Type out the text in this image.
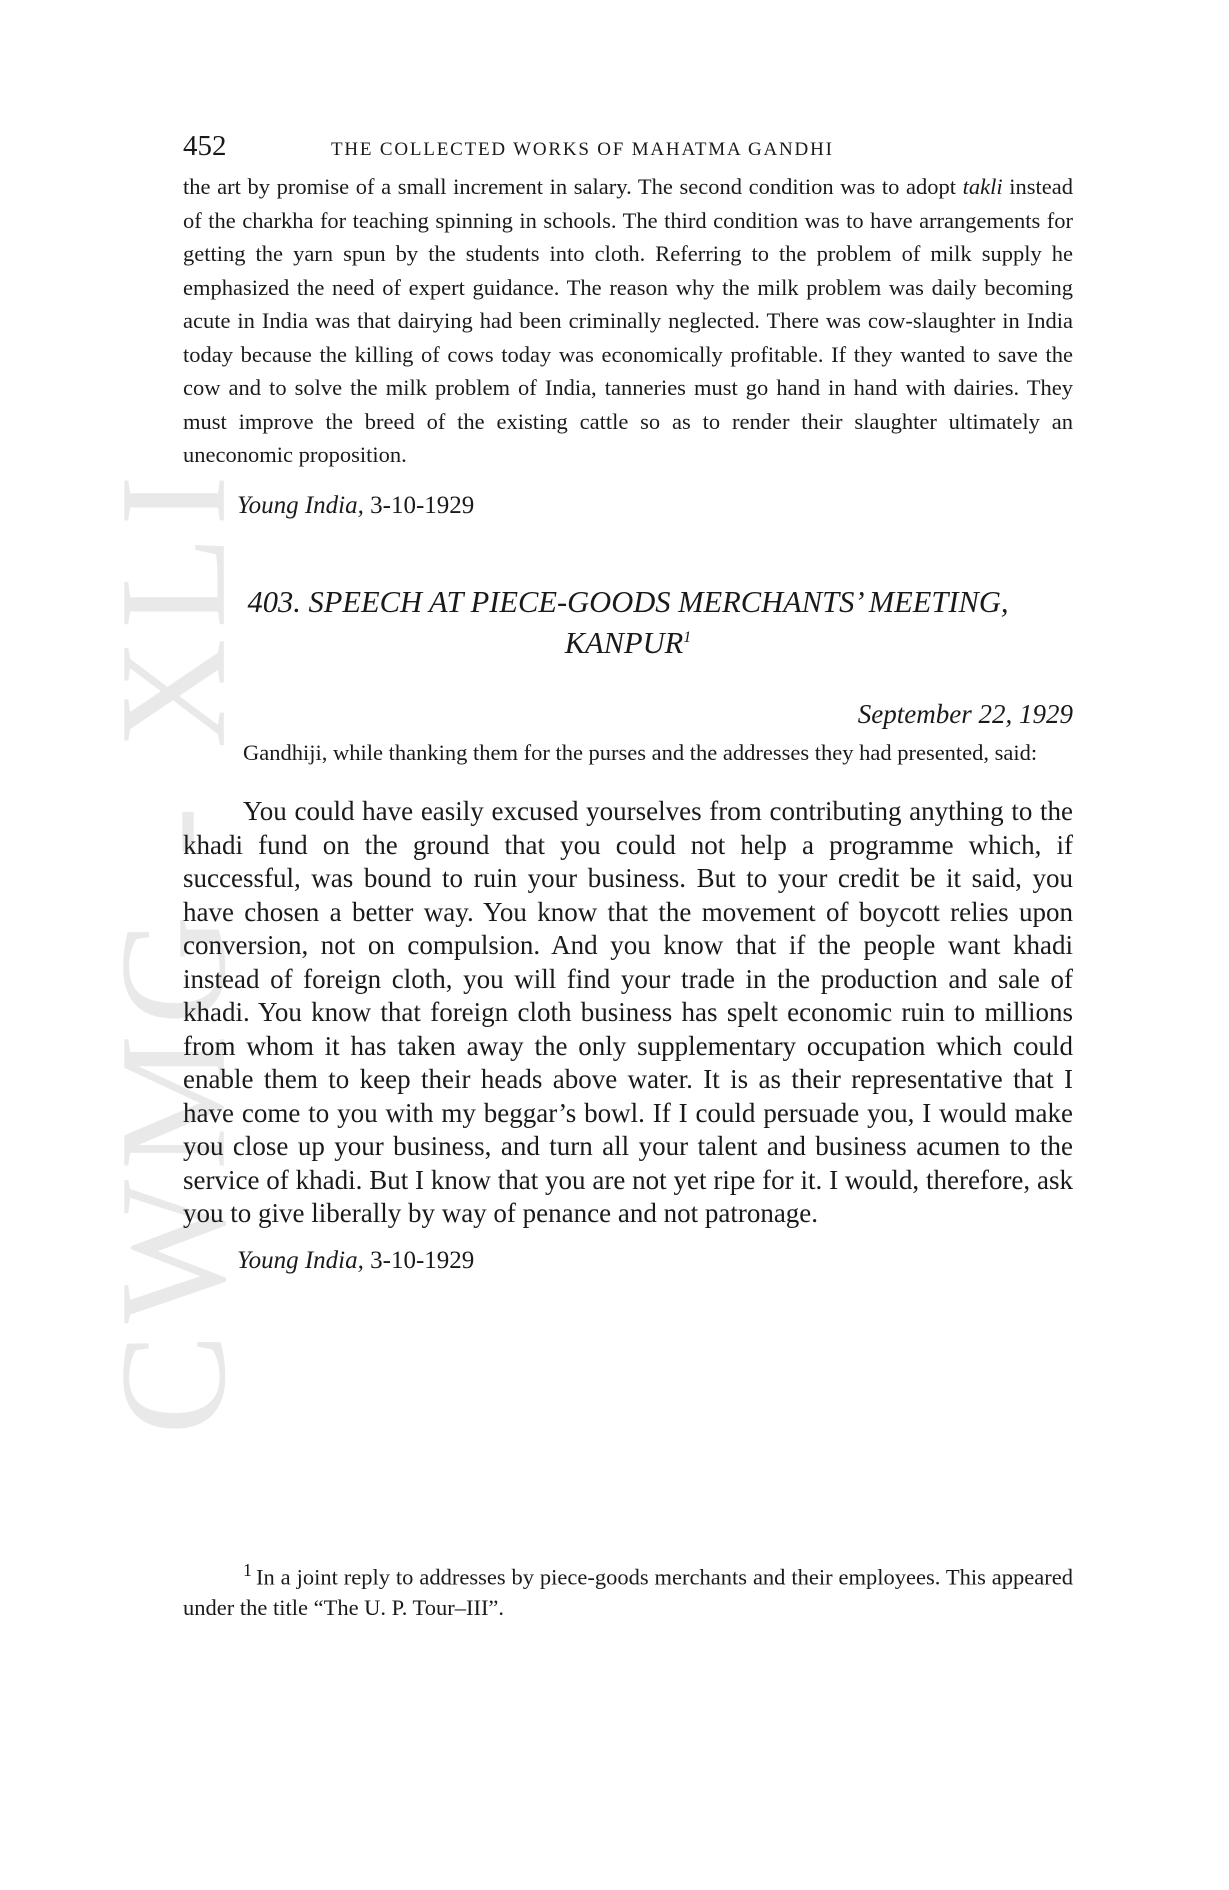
CWMG - XLI
452	THE COLLECTED WORKS OF MAHATMA GANDHI

the art by promise of a small increment in salary. The second condition was to adopt takli instead of the charkha for teaching spinning in schools. The third condition was to have arrangements for getting the yarn spun by the students into cloth. Referring to the problem of milk supply he emphasized the need of expert guidance. The reason why the milk problem was daily becoming acute in India was that dairying had been criminally neglected. There was cow-slaughter in India today because the killing of cows today was economically profitable. If they wanted to save the cow and to solve the milk problem of India, tanneries must go hand in hand with dairies. They must improve the breed of the existing cattle so as to render their slaughter ultimately an uneconomic proposition.

Young India, 3-10-1929
403. SPEECH AT PIECE-GOODS MERCHANTS’ MEETING,
KANPUR$^1$
September 22, 1929

Gandhiji, while thanking them for the purses and the addresses they had presented, said:

You could have easily excused yourselves from contributing anything to the khadi fund on the ground that you could not help a programme which, if successful, was bound to ruin your business. But to your credit be it said, you have chosen a better way. You know that the movement of boycott relies upon conversion, not on compulsion. And you know that if the people want khadi instead of foreign cloth, you will find your trade in the production and sale of khadi. You know that foreign cloth business has spelt economic ruin to millions from whom it has taken away the only supplementary occupation which could enable them to keep their heads above water. It is as their representative that I have come to you with my beggar’s bowl. If I could persuade you, I would make you close up your business, and turn all your talent and business acumen to the service of khadi. But I know that you are not yet ripe for it. I would, therefore, ask you to give liberally by way of penance and not patronage.

Young India, 3-10-1929

$^1$ In a joint reply to addresses by piece-goods merchants and their employees. This appeared under the title “The U. P. Tour–III”.
